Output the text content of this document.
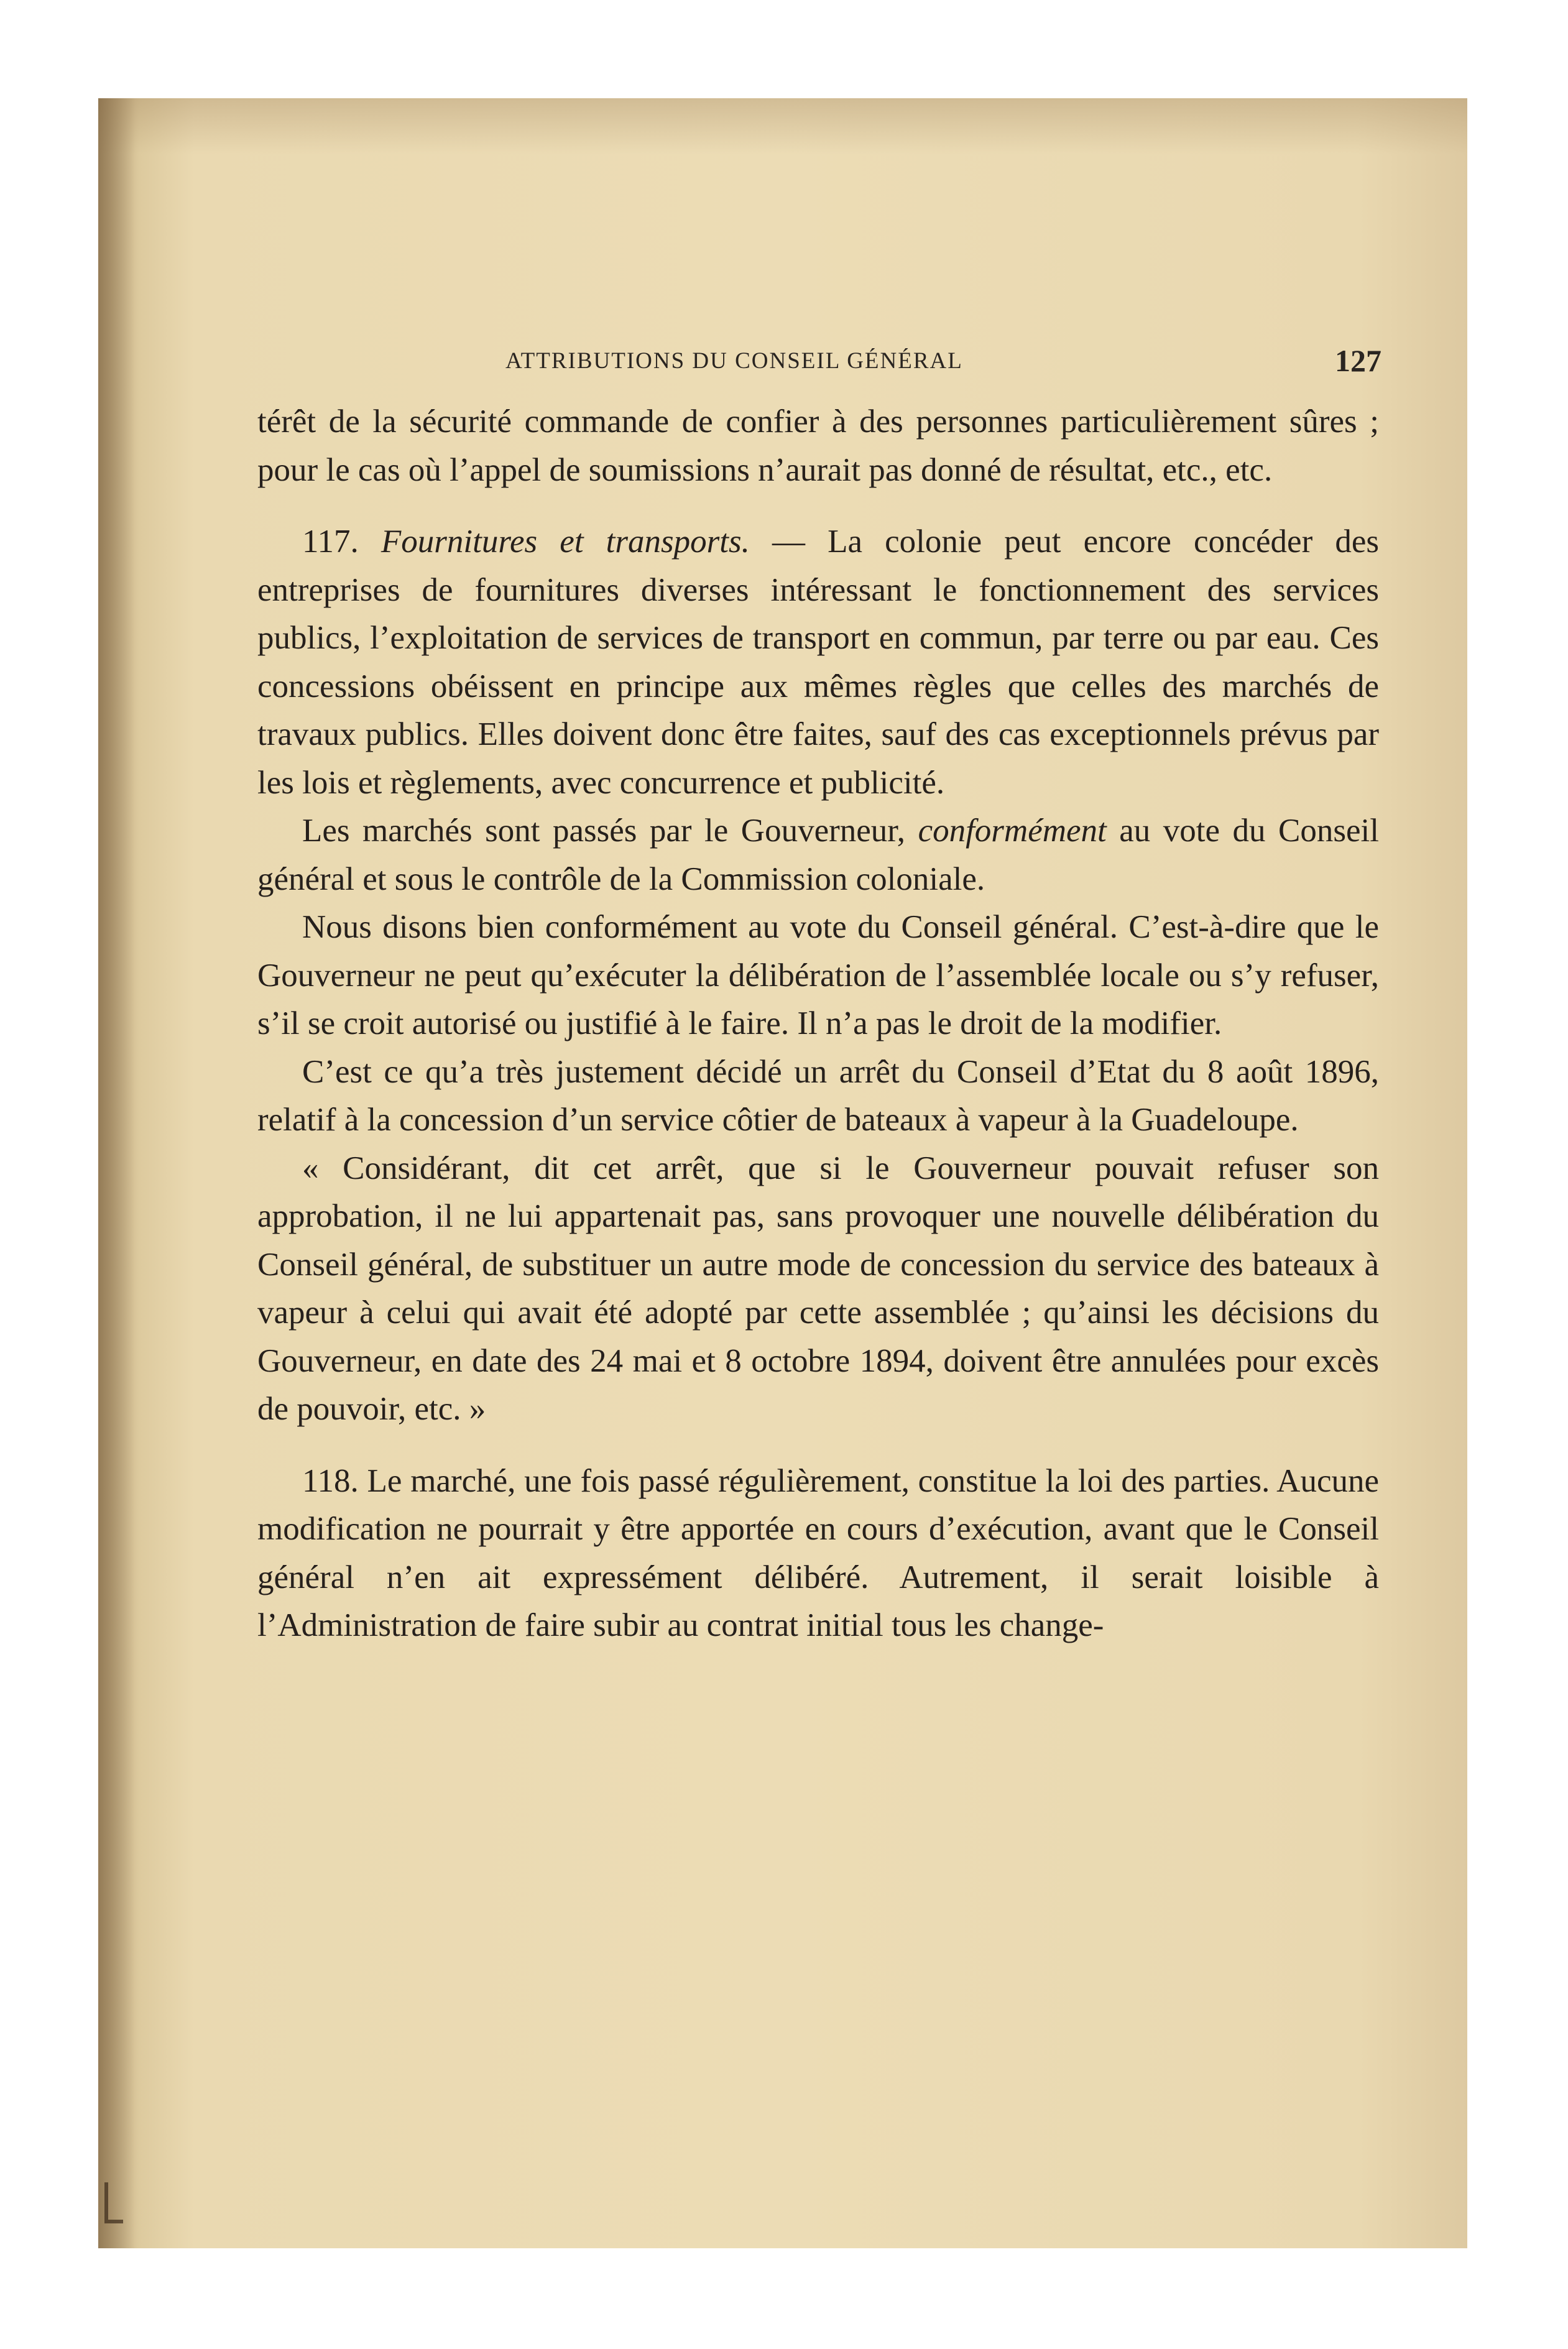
ATTRIBUTIONS DU CONSEIL GÉNÉRAL	127

térêt de la sécurité commande de confier à des personnes particulièrement sûres ; pour le cas où l’appel de soumissions n’aurait pas donné de résultat, etc., etc.

117. Fournitures et transports. — La colonie peut encore concéder des entreprises de fournitures diverses intéressant le fonctionnement des services publics, l’exploitation de services de transport en commun, par terre ou par eau. Ces concessions obéissent en principe aux mêmes règles que celles des marchés de travaux publics. Elles doivent donc être faites, sauf des cas exceptionnels prévus par les lois et règlements, avec concurrence et publicité.

Les marchés sont passés par le Gouverneur, conformément au vote du Conseil général et sous le contrôle de la Commission coloniale.

Nous disons bien conformément au vote du Conseil général. C’est-à-dire que le Gouverneur ne peut qu’exécuter la délibération de l’assemblée locale ou s’y refuser, s’il se croit autorisé ou justifié à le faire. Il n’a pas le droit de la modifier.

C’est ce qu’a très justement décidé un arrêt du Conseil d’Etat du 8 août 1896, relatif à la concession d’un service côtier de bateaux à vapeur à la Guadeloupe.

« Considérant, dit cet arrêt, que si le Gouverneur pouvait refuser son approbation, il ne lui appartenait pas, sans provoquer une nouvelle délibération du Conseil général, de substituer un autre mode de concession du service des bateaux à vapeur à celui qui avait été adopté par cette assemblée ; qu’ainsi les décisions du Gouverneur, en date des 24 mai et 8 octobre 1894, doivent être annulées pour excès de pouvoir, etc. »

118. Le marché, une fois passé régulièrement, constitue la loi des parties. Aucune modification ne pourrait y être apportée en cours d’exécution, avant que le Conseil général n’en ait expressément délibéré. Autrement, il serait loisible à l’Administration de faire subir au contrat initial tous les change-
